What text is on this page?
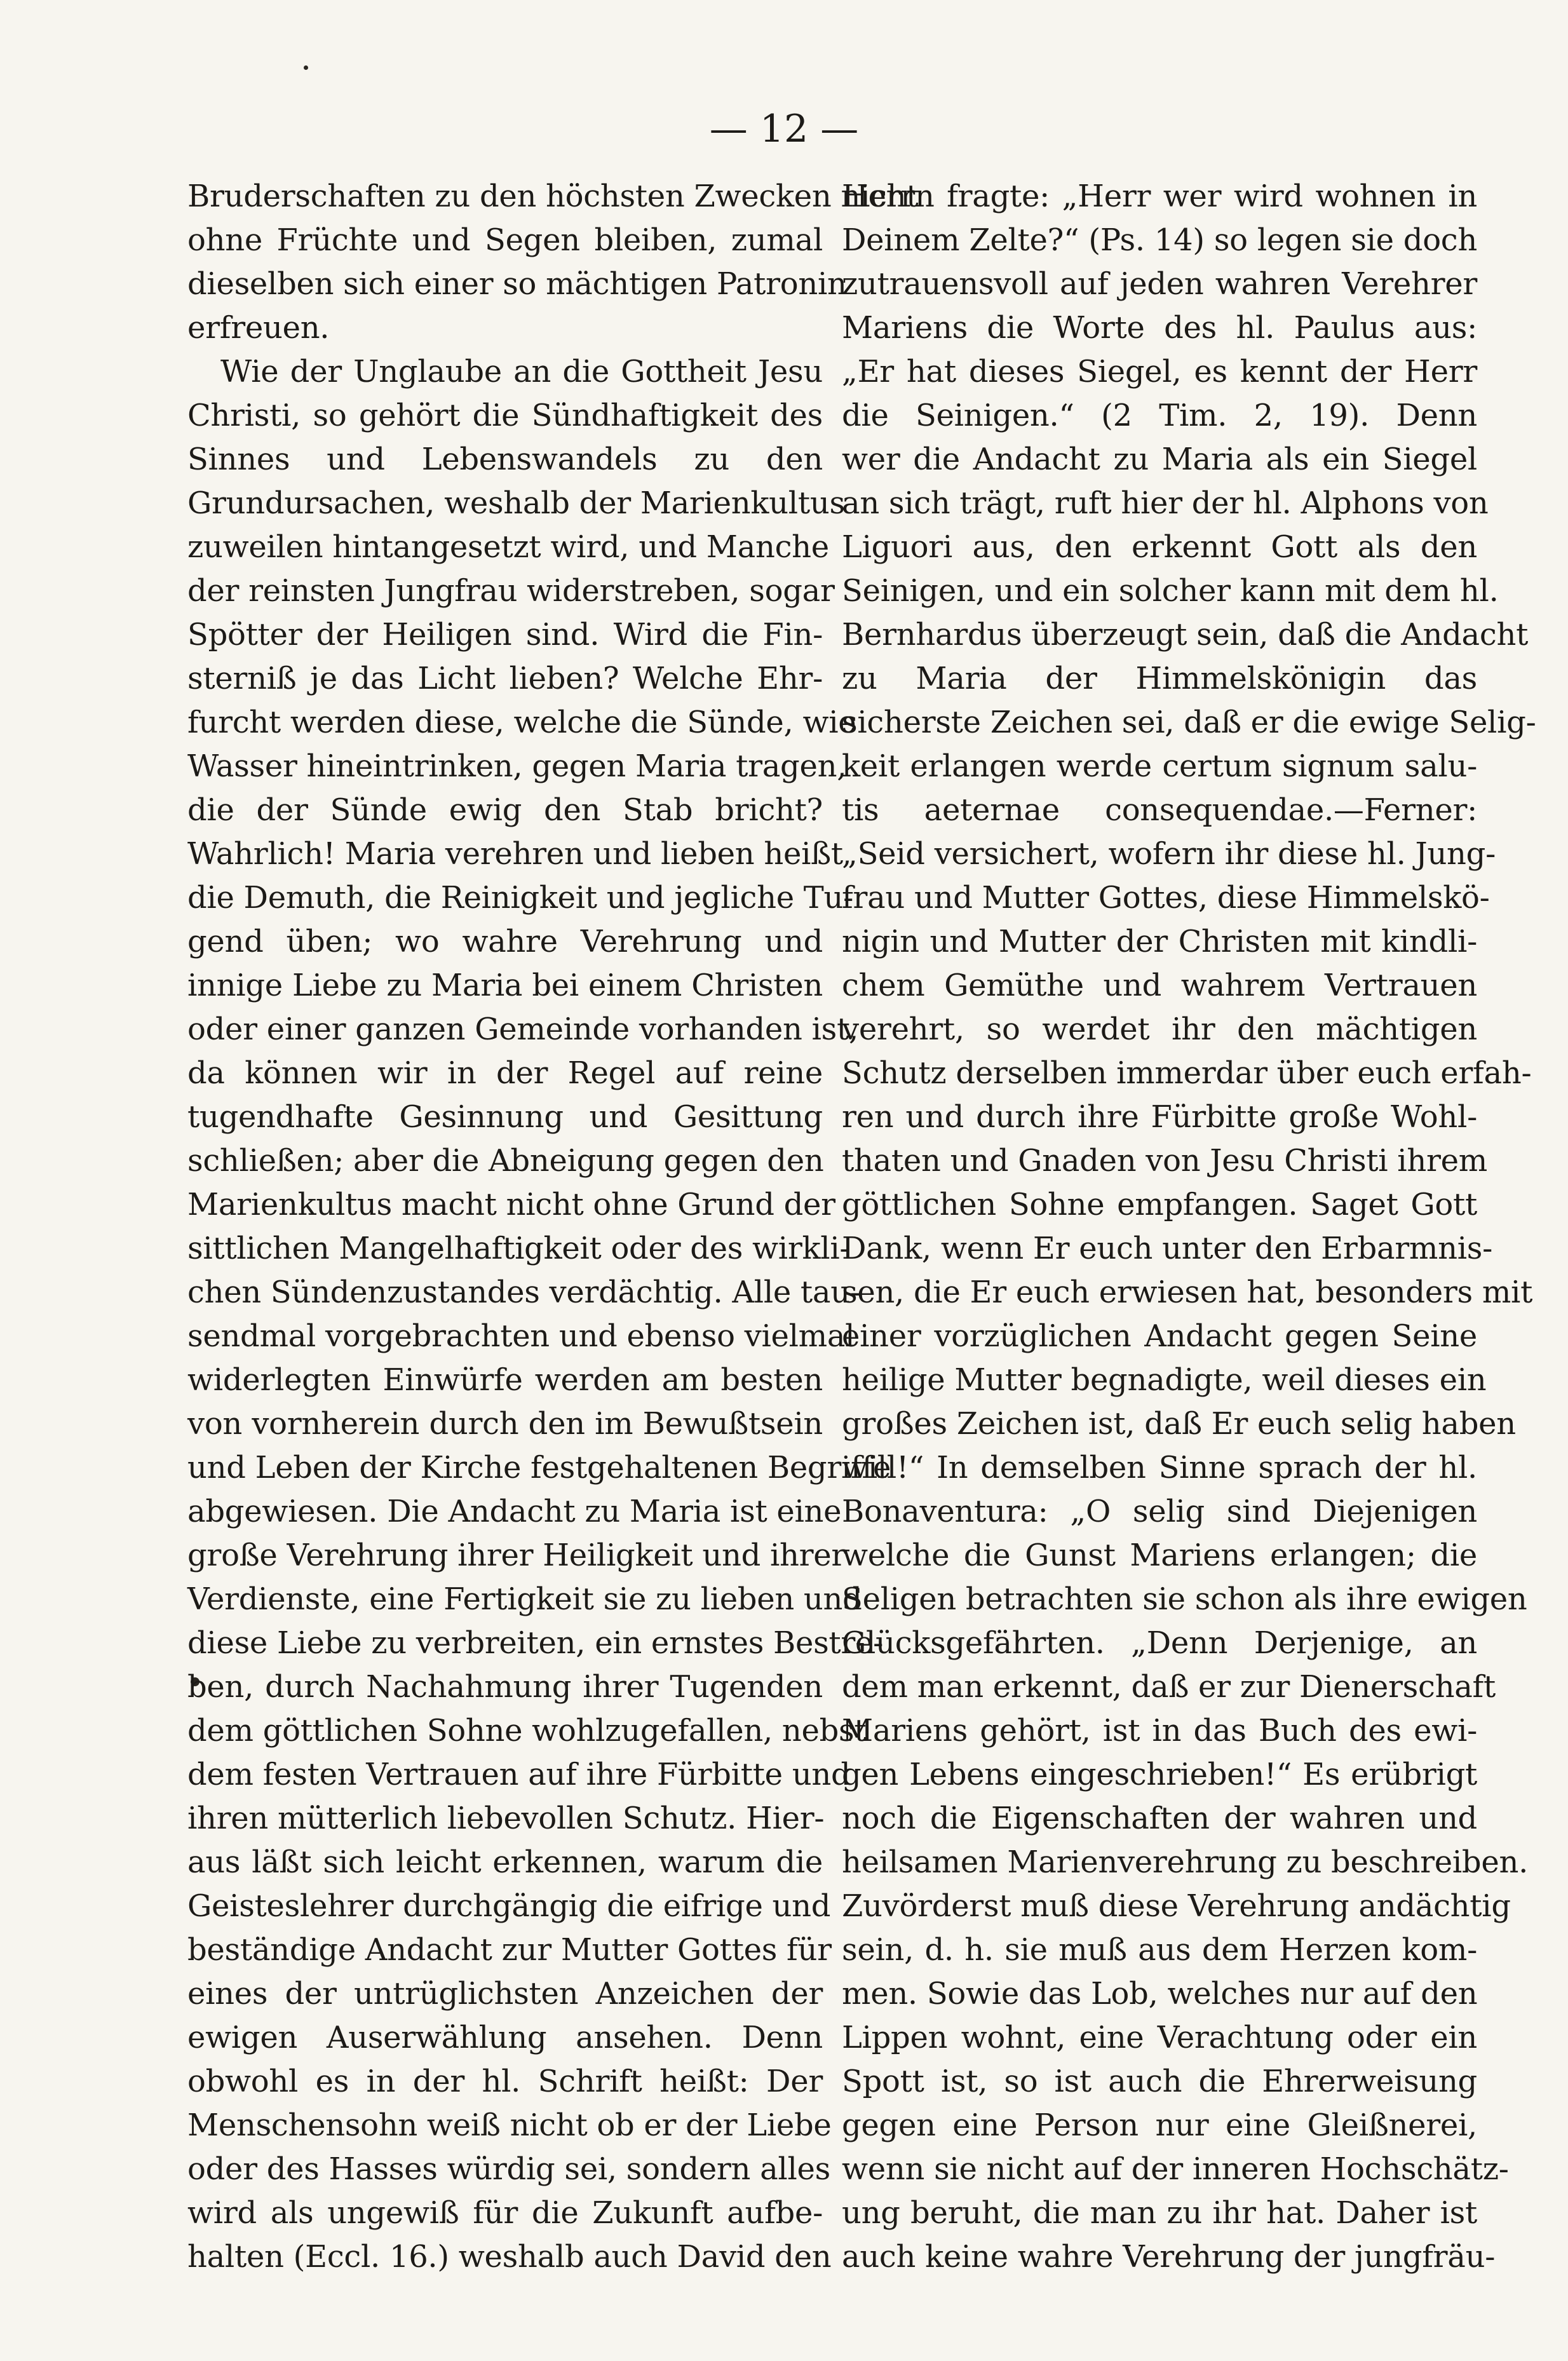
— 12 —
Bruderschaften zu den höchsten Zwecken nicht
ohne Früchte und Segen bleiben, zumal
dieselben sich einer so mächtigen Patronin
erfreuen.
Wie der Unglaube an die Gottheit Jesu
Christi, so gehört die Sündhaftigkeit des
Sinnes und Lebenswandels zu den
Grundursachen, weshalb der Marienkultus
zuweilen hintangesetzt wird, und Manche
der reinsten Jungfrau widerstreben, sogar
Spötter der Heiligen sind. Wird die Fin-
sterniß je das Licht lieben? Welche Ehr-
furcht werden diese, welche die Sünde, wie
Wasser hineintrinken, gegen Maria tragen,
die der Sünde ewig den Stab bricht?
Wahrlich! Maria verehren und lieben heißt
die Demuth, die Reinigkeit und jegliche Tu-
gend üben; wo wahre Verehrung und
innige Liebe zu Maria bei einem Christen
oder einer ganzen Gemeinde vorhanden ist,
da können wir in der Regel auf reine
tugendhafte Gesinnung und Gesittung
schließen; aber die Abneigung gegen den
Marienkultus macht nicht ohne Grund der
sittlichen Mangelhaftigkeit oder des wirkli-
chen Sündenzustandes verdächtig. Alle tau-
sendmal vorgebrachten und ebenso vielmal
widerlegten Einwürfe werden am besten
von vornherein durch den im Bewußtsein
und Leben der Kirche festgehaltenen Begriffe
abgewiesen. Die Andacht zu Maria ist eine
große Verehrung ihrer Heiligkeit und ihrer
Verdienste, eine Fertigkeit sie zu lieben und
diese Liebe zu verbreiten, ein ernstes Bestre-
ben, durch Nachahmung ihrer Tugenden
dem göttlichen Sohne wohlzugefallen, nebst
dem festen Vertrauen auf ihre Fürbitte und
ihren mütterlich liebevollen Schutz. Hier-
aus läßt sich leicht erkennen, warum die
Geisteslehrer durchgängig die eifrige und
beständige Andacht zur Mutter Gottes für
eines der untrüglichsten Anzeichen der
ewigen Auserwählung ansehen. Denn
obwohl es in der hl. Schrift heißt: Der
Menschensohn weiß nicht ob er der Liebe
oder des Hasses würdig sei, sondern alles
wird als ungewiß für die Zukunft aufbe-
halten (Eccl. 16.) weshalb auch David den
Herrn fragte: „Herr wer wird wohnen in
Deinem Zelte?“ (Ps. 14) so legen sie doch
zutrauensvoll auf jeden wahren Verehrer
Mariens die Worte des hl. Paulus aus:
„Er hat dieses Siegel, es kennt der Herr
die Seinigen.“ (2 Tim. 2, 19). Denn
wer die Andacht zu Maria als ein Siegel
an sich trägt, ruft hier der hl. Alphons von
Liguori aus, den erkennt Gott als den
Seinigen, und ein solcher kann mit dem hl.
Bernhardus überzeugt sein, daß die Andacht
zu Maria der Himmelskönigin das
sicherste Zeichen sei, daß er die ewige Selig-
keit erlangen werde certum signum salu-
tis aeternae consequendae.—Ferner:
„Seid versichert, wofern ihr diese hl. Jung-
frau und Mutter Gottes, diese Himmelskö-
nigin und Mutter der Christen mit kindli-
chem Gemüthe und wahrem Vertrauen
verehrt, so werdet ihr den mächtigen
Schutz derselben immerdar über euch erfah-
ren und durch ihre Fürbitte große Wohl-
thaten und Gnaden von Jesu Christi ihrem
göttlichen Sohne empfangen. Saget Gott
Dank, wenn Er euch unter den Erbarmnis-
sen, die Er euch erwiesen hat, besonders mit
einer vorzüglichen Andacht gegen Seine
heilige Mutter begnadigte, weil dieses ein
großes Zeichen ist, daß Er euch selig haben
will!“ In demselben Sinne sprach der hl.
Bonaventura: „O selig sind Diejenigen
welche die Gunst Mariens erlangen; die
Seligen betrachten sie schon als ihre ewigen
Glücksgefährten. „Denn Derjenige, an
dem man erkennt, daß er zur Dienerschaft
Mariens gehört, ist in das Buch des ewi-
gen Lebens eingeschrieben!“ Es erübrigt
noch die Eigenschaften der wahren und
heilsamen Marienverehrung zu beschreiben.
Zuvörderst muß diese Verehrung andächtig
sein, d. h. sie muß aus dem Herzen kom-
men. Sowie das Lob, welches nur auf den
Lippen wohnt, eine Verachtung oder ein
Spott ist, so ist auch die Ehrerweisung
gegen eine Person nur eine Gleißnerei,
wenn sie nicht auf der inneren Hochschätz-
ung beruht, die man zu ihr hat. Daher ist
auch keine wahre Verehrung der jungfräu-
